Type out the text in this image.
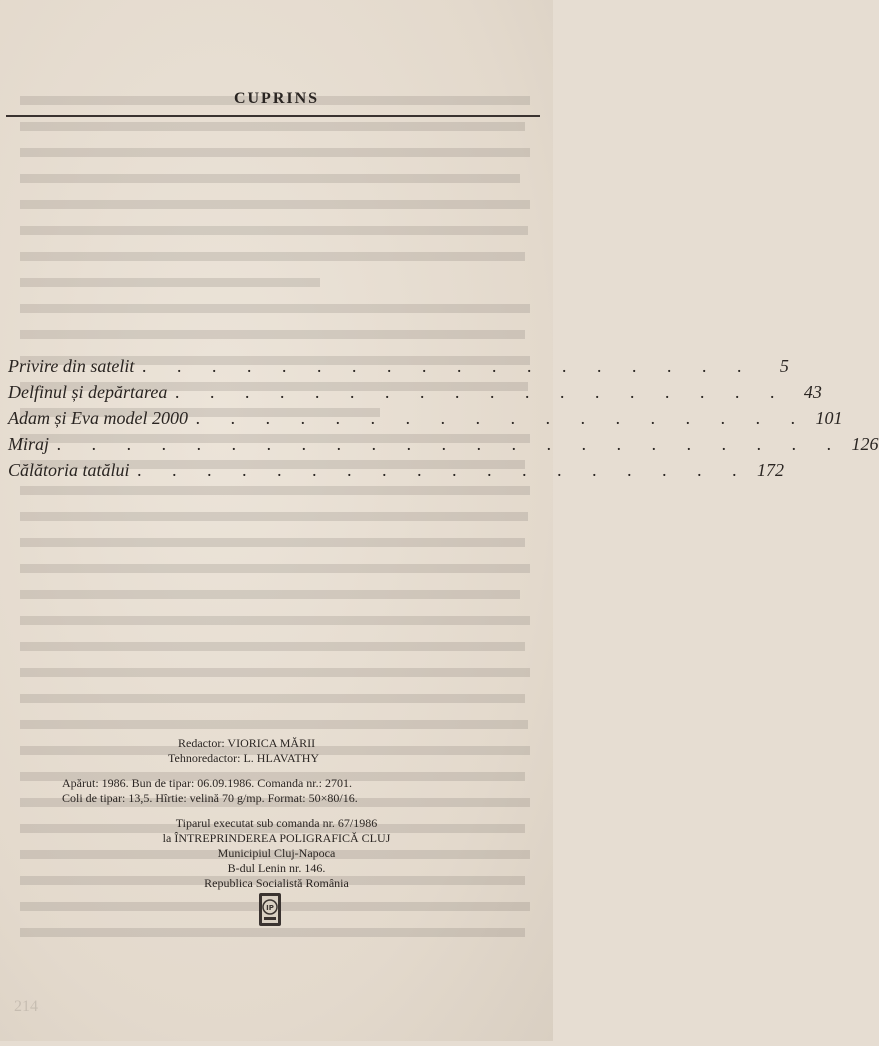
CUPRINS
Privire din satelit . . . . . . . . . . . . . . . . . .	5
Delfinul și depărtarea . . . . . . . . . . . . . . . . . . 43
Adam și Eva model 2000 . . . . . . . . . . . . . . . . . . 101
Miraj . . . . . . . . . . . . . . . . . . . . . . . 126
Călătoria tatălui . . . . . . . . . . . . . . . . . . 172
Redactor: VIORICA MĂRII
Tehnoredactor: L. HLAVATHY
Apărut: 1986. Bun de tipar: 06.09.1986. Comanda nr.: 2701.
Coli de tipar: 13,5. Hîrtie: velină 70 g/mp. Format: 50×80/16.
Tiparul executat sub comanda nr. 67/1986
la ÎNTREPRINDEREA POLIGRAFICĂ CLUJ
Municipiul Cluj-Napoca
B-dul Lenin nr. 146.
Republica Socialistă România
IP
214
